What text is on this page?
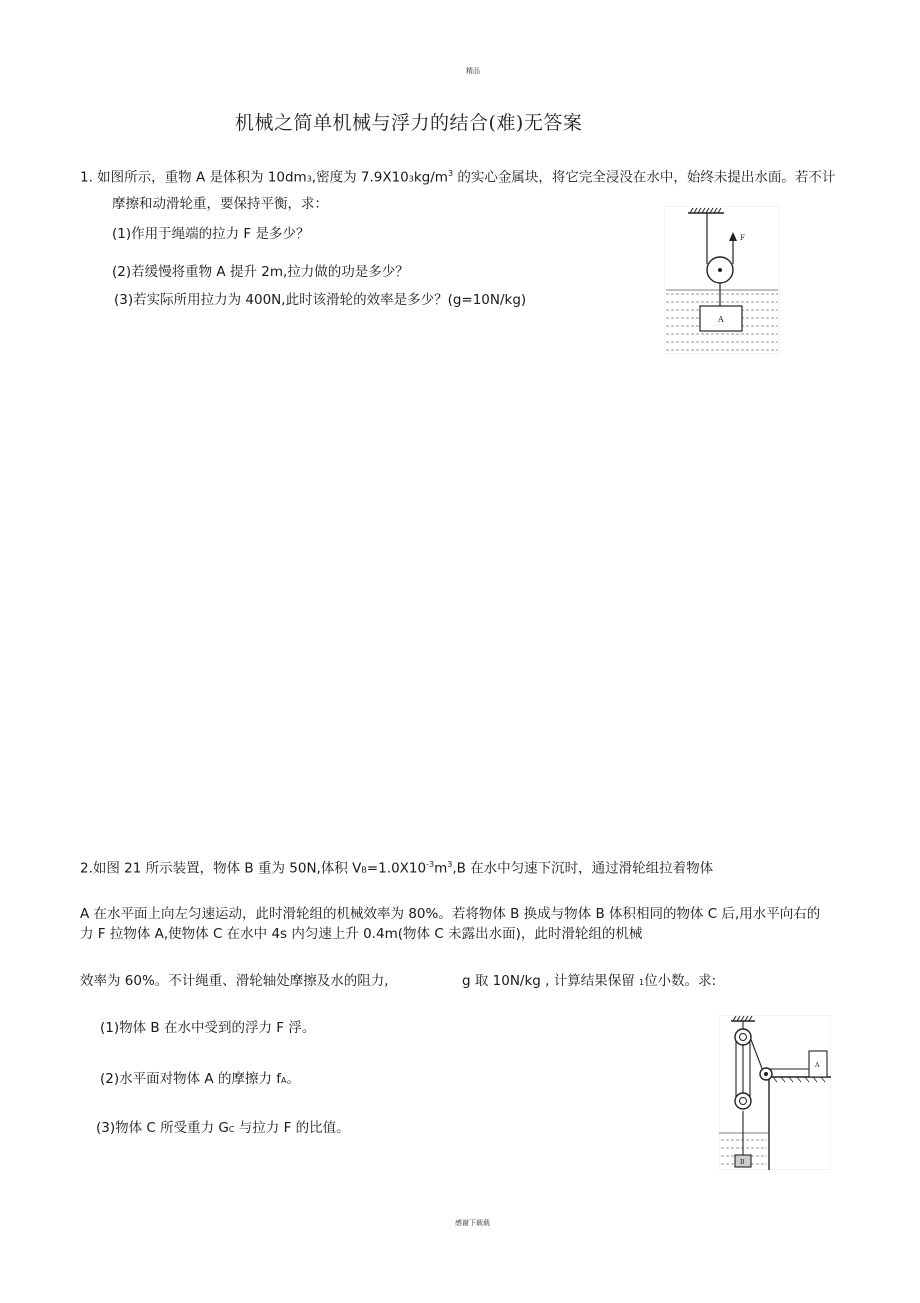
精品
机械之简单机械与浮力的结合(难)无答案
1. 如图所示，重物 A 是体积为 10dm3,密度为 $7.9X103kg/m^3$ 的实心金属块，将它完全浸没在水中，始终未提出水面。若不计
摩擦和动滑轮重，要保持平衡，求：
(1)作用于绳端的拉力 F 是多少？
(2)若缓慢将重物 A 提升 2m,拉力做的功是多少？
(3)若实际所用拉力为 400N,此时该滑轮的效率是多少？(g=10N/kg)
F
A
2.如图 21 所示装置，物体 B 重为 50N,体积 $VB=1.0X10^{-3}m^3,B$ 在水中匀速下沉时，通过滑轮组拉着物体
A 在水平面上向左匀速运动，此时滑轮组的机械效率为 80%。若将物体 B 换成与物体 B 体积相同的物体 C 后,用水平向右的
力 F 拉物体 A,使物体 C 在水中 4s 内匀速上升 0.4m(物体 C 未露出水面)，此时滑轮组的机械
效率为 60%。不计绳重、滑轮轴处摩擦及水的阻力,	g 取 10N/kg , 计算结果保留 1位小数。求:
(1)物体 B 在水中受到的浮力 F 浮。
(2)水平面对物体 A 的摩擦力 fA。
(3)物体 C 所受重力 GC 与拉力 F 的比值。
A
B
感谢下载载
